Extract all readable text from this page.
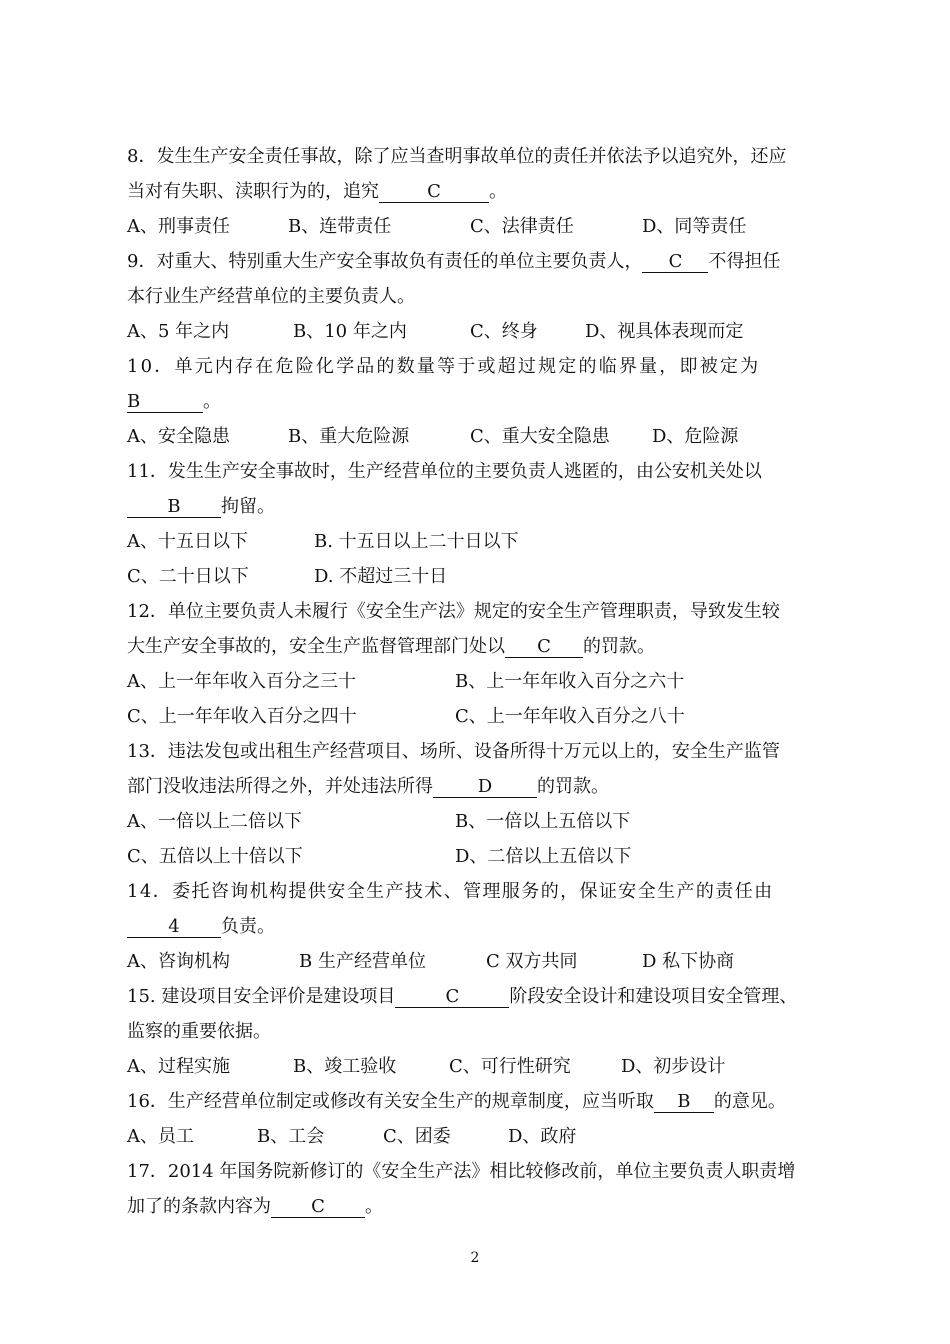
8．发生生产安全责任事故，除了应当查明事故单位的责任并依法予以追究外，还应
当对有失职、渎职行为的，追究	C	。
A、刑事责任	B、连带责任	C、法律责任	D、同等责任
9．对重大、特别重大生产安全事故负有责任的单位主要负责人， C 不得担任
本行业生产经营单位的主要负责人。
A、5 年之内	B、10 年之内	C、终身	D、视具体表现而定
10．单元内存在危险化学品的数量等于或超过规定的临界量，即被定为
B	。
A、安全隐患	B、重大危险源	C、重大安全隐患	D、危险源
11．发生生产安全事故时，生产经营单位的主要负责人逃匿的，由公安机关处以
B 拘留。
A、十五日以下	B. 十五日以上二十日以下
C、二十日以下	D. 不超过三十日
12．单位主要负责人未履行《安全生产法》规定的安全生产管理职责，导致发生较
大生产安全事故的，安全生产监督管理部门处以 C 的罚款。
A、上一年年收入百分之三十	B、上一年年收入百分之六十
C、上一年年收入百分之四十	C、上一年年收入百分之八十
13．违法发包或出租生产经营项目、场所、设备所得十万元以上的，安全生产监管
部门没收违法所得之外，并处违法所得 D 的罚款。
A、一倍以上二倍以下	B、一倍以上五倍以下
C、五倍以上十倍以下	D、二倍以上五倍以下
14．委托咨询机构提供安全生产技术、管理服务的，保证安全生产的责任由
4 负责。
A、咨询机构	B 生产经营单位	C 双方共同	D 私下协商
15. 建设项目安全评价是建设项目	C	阶段安全设计和建设项目安全管理、
监察的重要依据。
A、过程实施	B、竣工验收	C、可行性研究	D、初步设计
16．生产经营单位制定或修改有关安全生产的规章制度，应当听取 B 的意见。
A、员工	B、工会	C、团委	D、政府
17．2014 年国务院新修订的《安全生产法》相比较修改前，单位主要负责人职责增
加了的条款内容为 C 。
2
